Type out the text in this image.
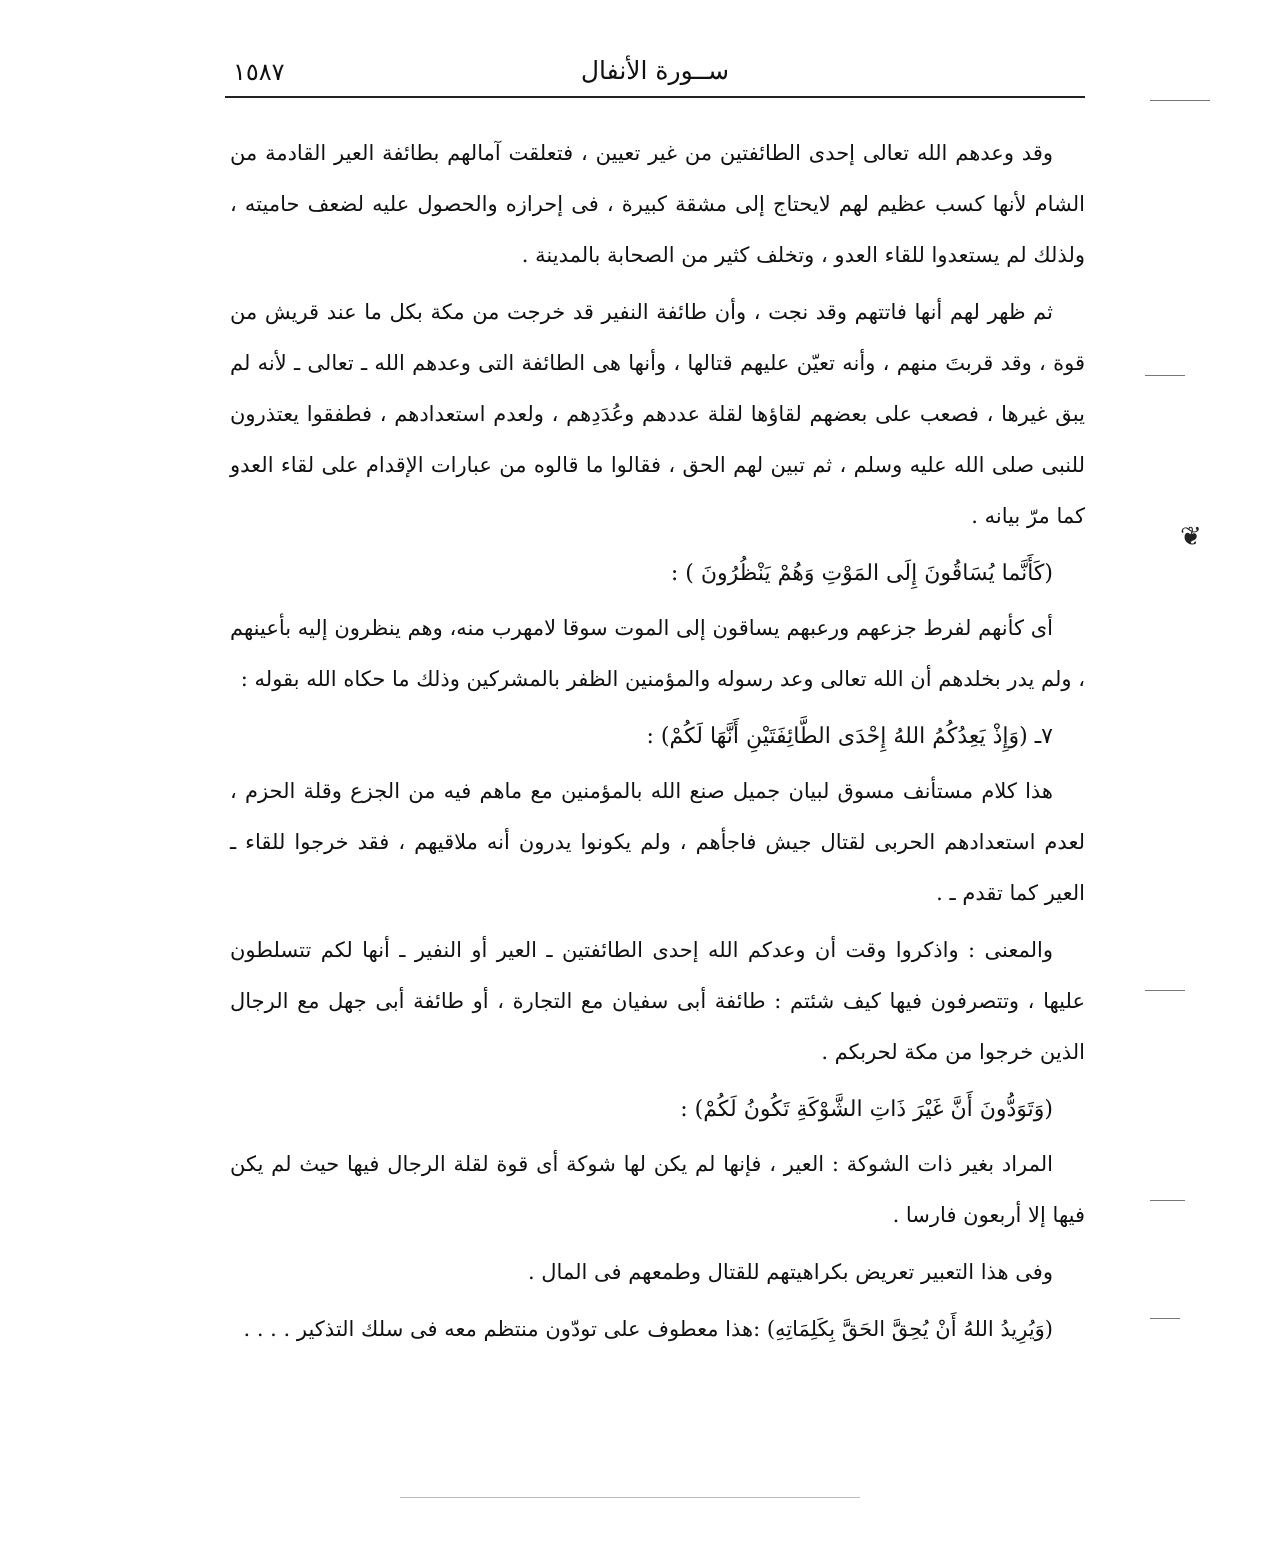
١٥٨٧	ســورة الأنفال
❦

وقد وعدهم الله تعالى إحدى الطائفتين من غير تعيين ، فتعلقت آمالهم بطائفة العير القادمة من الشام لأنها كسب عظيم لهم لايحتاج إلى مشقة كبيرة ، فى إحرازه والحصول عليه لضعف حاميته ، ولذلك لم يستعدوا للقاء العدو ، وتخلف كثير من الصحابة بالمدينة .

ثم ظهر لهم أنها فاتتهم وقد نجت ، وأن طائفة النفير قد خرجت من مكة بكل ما عند قريش من قوة ، وقد قربتَ منهم ، وأنه تعيّن عليهم قتالها ، وأنها هى الطائفة التى وعدهم الله ـ تعالى ـ لأنه لم يبق غيرها ، فصعب على بعضهم لقاؤها لقلة عددهم وعُدَدِهم ، ولعدم استعدادهم ، فطفقوا يعتذرون للنبى صلى الله عليه وسلم ، ثم تبين لهم الحق ، فقالوا ما قالوه من عبارات الإقدام على لقاء العدو كما مرّ بيانه .

(كَأَنَّما يُسَاقُونَ إِلَى المَوْتِ وَهُمْ يَنْظُرُونَ ) :

أى كأنهم لفرط جزعهم ورعبهم يساقون إلى الموت سوقا لامهرب منه، وهم ينظرون إليه بأعينهم ، ولم يدر بخلدهم أن الله تعالى وعد رسوله والمؤمنين الظفر بالمشركين وذلك ما حكاه الله بقوله :

٧ـ (وَإِذْ يَعِدُكُمُ اللهُ إِحْدَى الطَّائِفَتَيْنِ أَنَّهَا لَكُمْ) :

هذا كلام مستأنف مسوق لبيان جميل صنع الله بالمؤمنين مع ماهم فيه من الجزع وقلة الحزم ، لعدم استعدادهم الحربى لقتال جيش فاجأهم ، ولم يكونوا يدرون أنه ملاقيهم ، فقد خرجوا للقاء ـ العير كما تقدم ـ .

والمعنى : واذكروا وقت أن وعدكم الله إحدى الطائفتين ـ العير أو النفير ـ أنها لكم تتسلطون عليها ، وتتصرفون فيها كيف شئتم : طائفة أبى سفيان مع التجارة ، أو طائفة أبى جهل مع الرجال الذين خرجوا من مكة لحربكم .

(وَتَوَدُّونَ أَنَّ غَيْرَ ذَاتِ الشَّوْكَةِ تَكُونُ لَكُمْ) :

المراد بغير ذات الشوكة : العير ، فإنها لم يكن لها شوكة أى قوة لقلة الرجال فيها حيث لم يكن فيها إلا أربعون فارسا .

وفى هذا التعبير تعريض بكراهيتهم للقتال وطمعهم فى المال .

(وَيُرِيدُ اللهُ أَنْ يُحِقَّ الحَقَّ بِكَلِمَاتِهِ) :هذا معطوف على تودّون منتظم معه فى سلك التذكير . . . .
